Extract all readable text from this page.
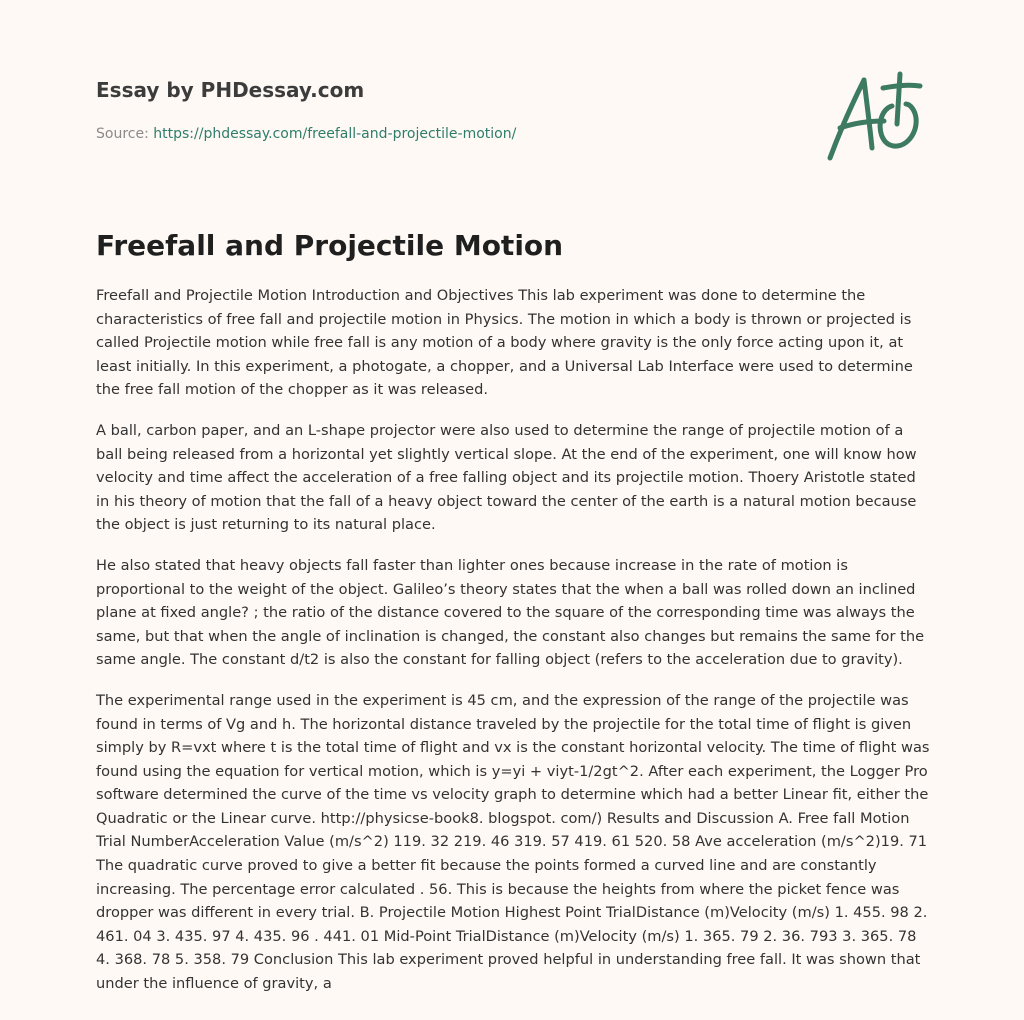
Essay by PHDessay.com

Source: https://phdessay.com/freefall-and-projectile-motion/
Freefall and Projectile Motion

Freefall and Projectile Motion Introduction and Objectives This lab experiment was done to determine the characteristics of free fall and projectile motion in Physics. The motion in which a body is thrown or projected is called Projectile motion while free fall is any motion of a body where gravity is the only force acting upon it, at least initially. In this experiment, a photogate, a chopper, and a Universal Lab Interface were used to determine the free fall motion of the chopper as it was released.

A ball, carbon paper, and an L-shape projector were also used to determine the range of projectile motion of a ball being released from a horizontal yet slightly vertical slope. At the end of the experiment, one will know how velocity and time affect the acceleration of a free falling object and its projectile motion. Thoery Aristotle stated in his theory of motion that the fall of a heavy object toward the center of the earth is a natural motion because the object is just returning to its natural place.

He also stated that heavy objects fall faster than lighter ones because increase in the rate of motion is proportional to the weight of the object. Galileo’s theory states that the when a ball was rolled down an inclined plane at fixed angle? ; the ratio of the distance covered to the square of the corresponding time was always the same, but that when the angle of inclination is changed, the constant also changes but remains the same for the same angle. The constant d/t2 is also the constant for falling object (refers to the acceleration due to gravity).

The experimental range used in the experiment is 45 cm, and the expression of the range of the projectile was found in terms of Vg and h. The horizontal distance traveled by the projectile for the total time of flight is given simply by R=vxt where t is the total time of flight and vx is the constant horizontal velocity. The time of flight was found using the equation for vertical motion, which is y=yi + viyt-1/2gt^2. After each experiment, the Logger Pro software determined the curve of the time vs velocity graph to determine which had a better Linear fit, either the Quadratic or the Linear curve. http://physicse-book8. blogspot. com/) Results and Discussion A. Free fall Motion Trial NumberAcceleration Value (m/s^2) 119. 32 219. 46 319. 57 419. 61 520. 58 Ave acceleration (m/s^2)19. 71 The quadratic curve proved to give a better fit because the points formed a curved line and are constantly increasing. The percentage error calculated . 56. This is because the heights from where the picket fence was dropper was different in every trial. B. Projectile Motion Highest Point TrialDistance (m)Velocity (m/s) 1. 455. 98 2. 461. 04 3. 435. 97 4. 435. 96 . 441. 01 Mid-Point TrialDistance (m)Velocity (m/s) 1. 365. 79 2. 36. 793 3. 365. 78 4. 368. 78 5. 358. 79 Conclusion This lab experiment proved helpful in understanding free fall. It was shown that under the influence of gravity, a
